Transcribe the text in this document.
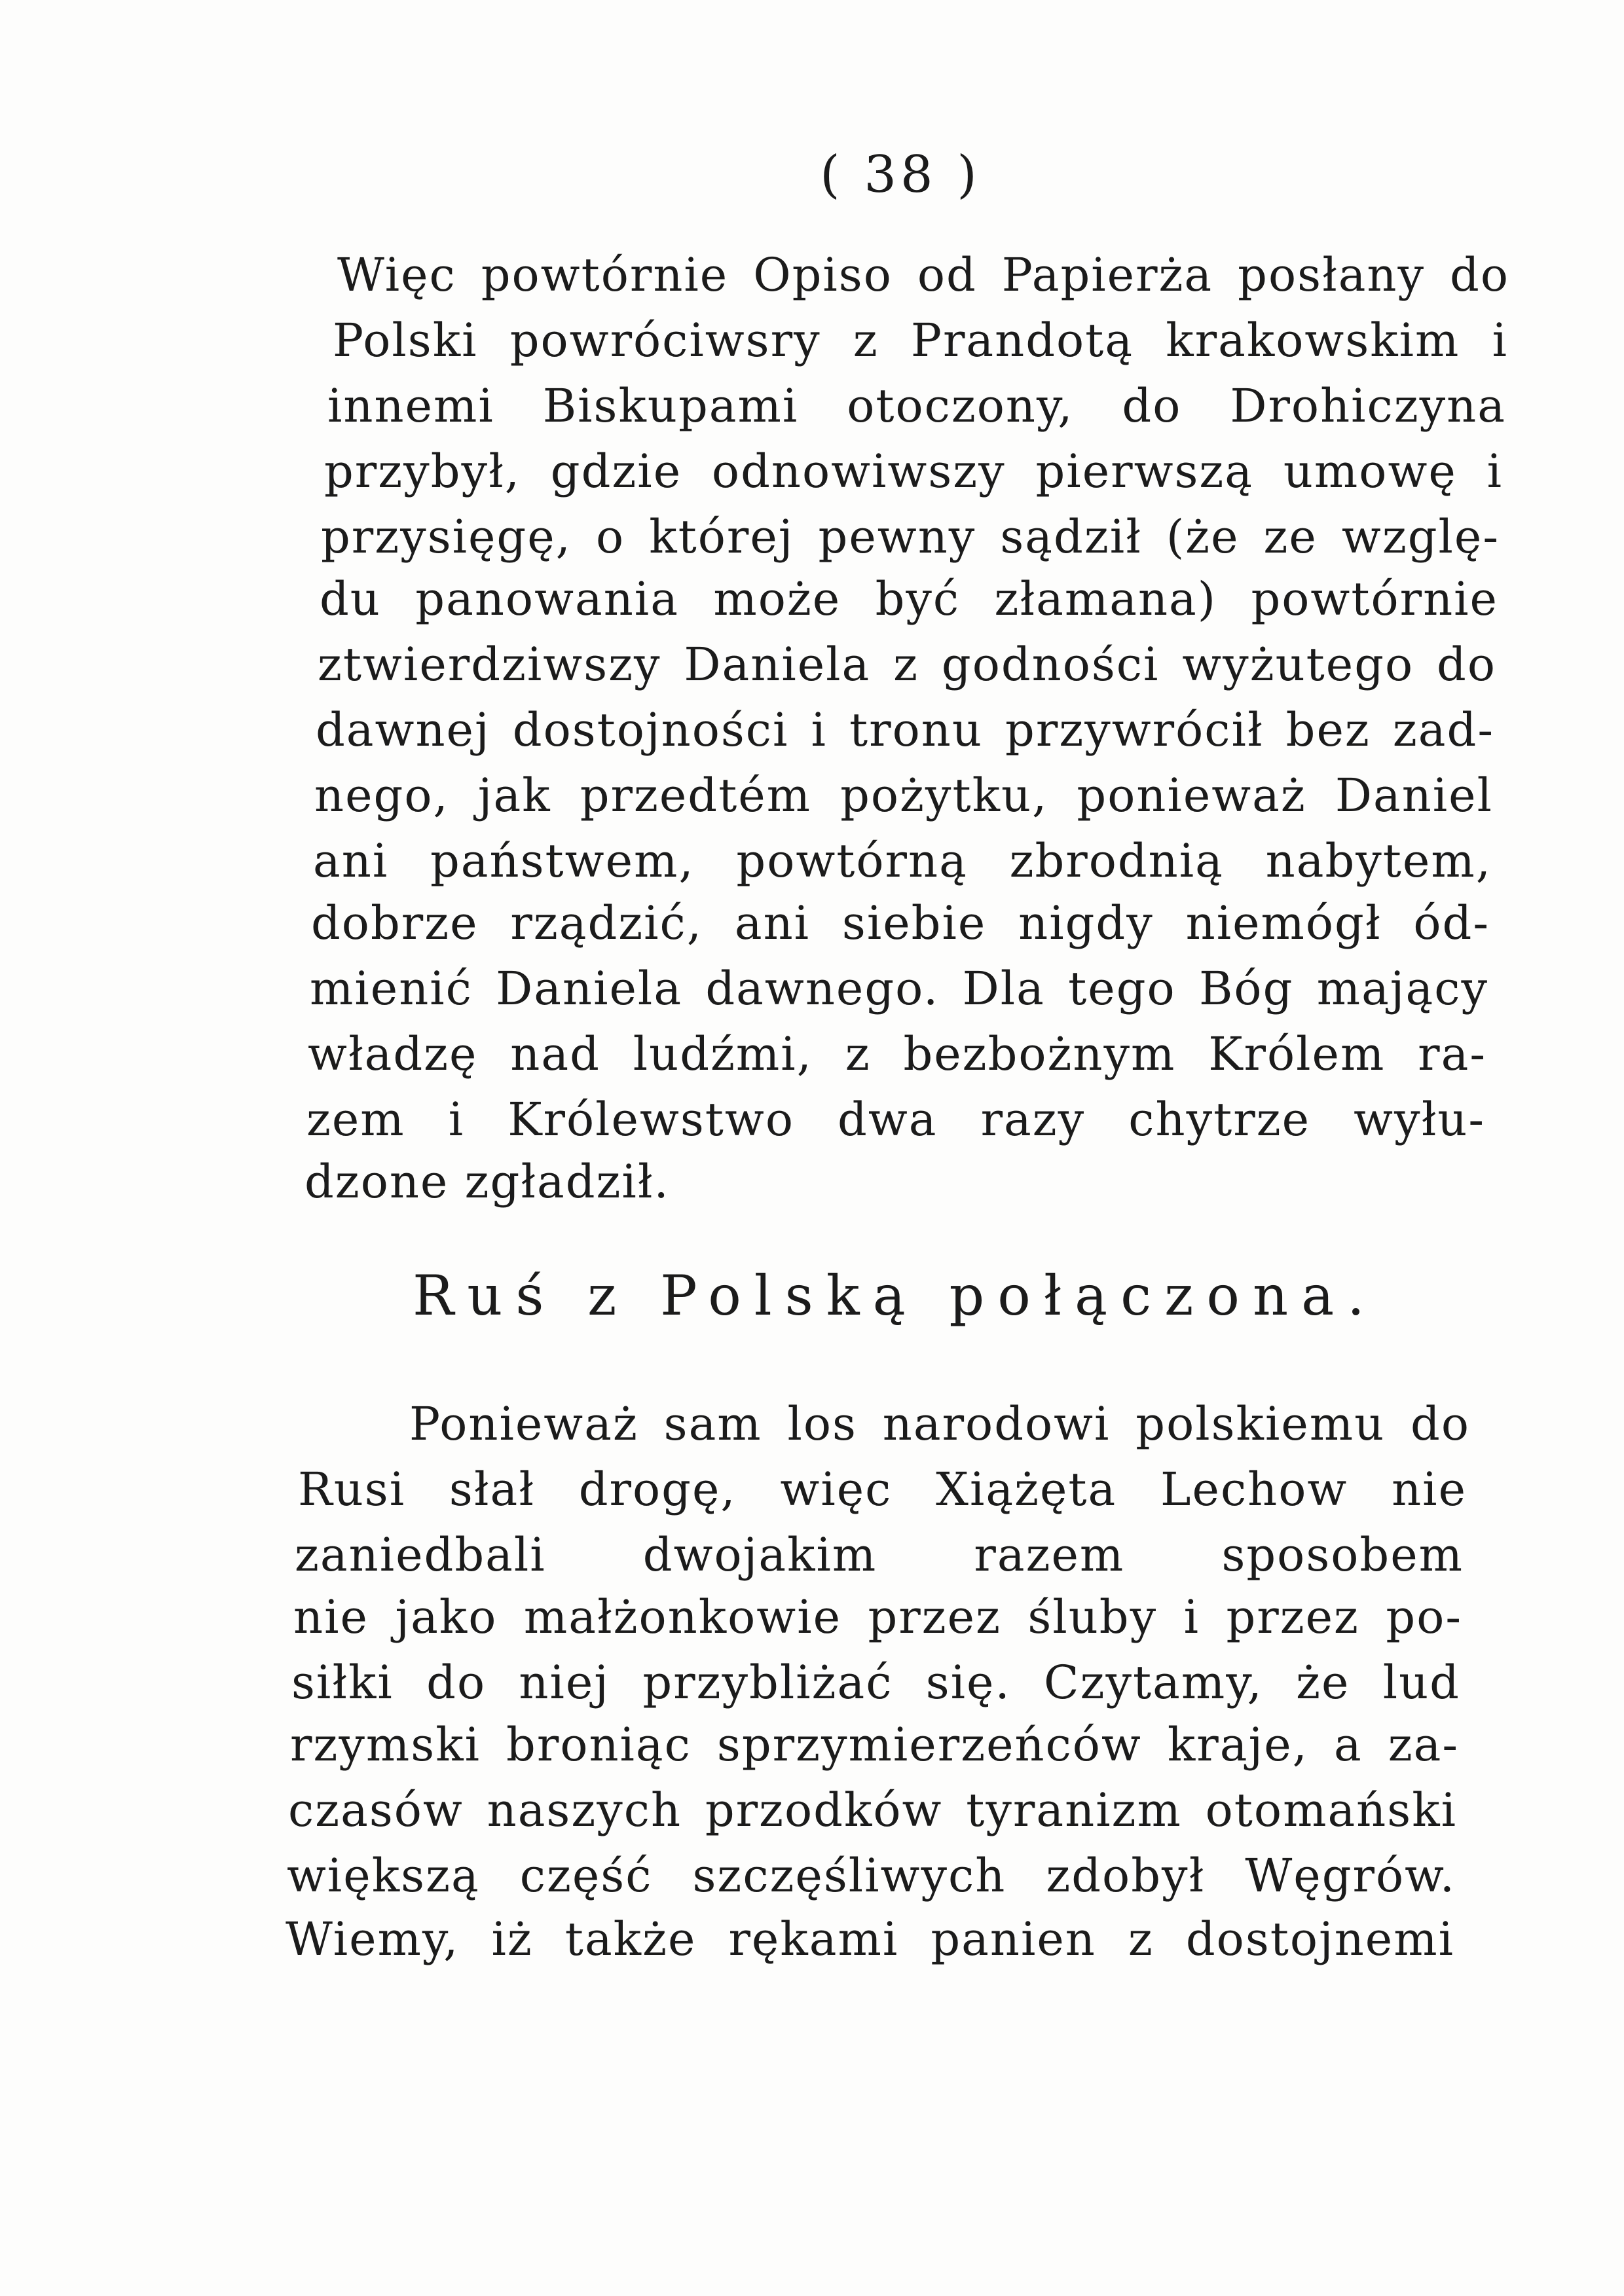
( 38 )
Więc powtórnie Opiso od Papierża posłany do
Polski powróciwsry z Prandotą krakowskim i
innemi Biskupami otoczony, do Drohiczyna
przybył, gdzie odnowiwszy pierwszą umowę i
przysięgę, o której pewny sądził (że ze wzglę-
du panowania może być złamana) powtórnie
ztwierdziwszy Daniela z godności wyżutego do
dawnej dostojności i tronu przywrócił bez zad-
nego, jak przedtém pożytku, ponieważ Daniel
ani państwem, powtórną zbrodnią nabytem,
dobrze rządzić, ani siebie nigdy niemógł ód-
mienić Daniela dawnego. Dla tego Bóg mający
władzę nad ludźmi, z bezbożnym Królem ra-
zem i Królewstwo dwa razy chytrze wyłu-
dzone zgładził.
Ruś z Polską połączona.
Ponieważ sam los narodowi polskiemu do
Rusi słał drogę, więc Xiążęta Lechow nie
zaniedbali dwojakim razem sposobem
nie jako małżonkowie przez śluby i przez po-
siłki do niej przybliżać się. Czytamy, że lud
rzymski broniąc sprzymierzeńców kraje, a za-
czasów naszych przodków tyranizm otomański
większą część szczęśliwych zdobył Węgrów.
Wiemy, iż także rękami panien z dostojnemi
